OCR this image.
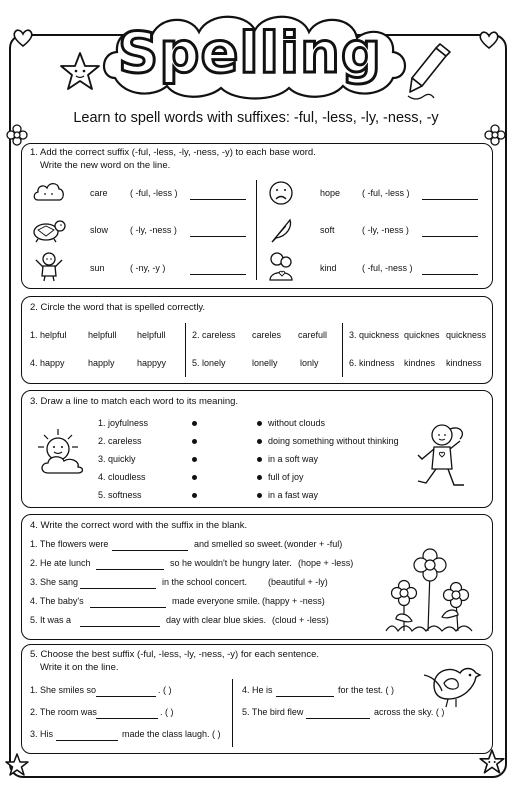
Spelling
Learn to spell words with suffixes: -ful, -less, -ly, -ness, -y
1. Add the correct suffix (-ful, -less, -ly, -ness, -y) to each base word.
Write the new word on the line.
care ( -ful, -less )
slow ( -ly, -ness )
sun	( -ny, -y )
hope ( -ful, -less )
soft	( -ly, -ness )
kind	( -ful, -ness )
2. Circle the word that is spelled correctly.
1. helpful helpfull helpfull	2. careless careles carefull 3. quickness quicknes quickness
4. happy	happly happyy	5. lonely	lonelly lonly	6. kindness kindnes kindness
3. Draw a line to match each word to its meaning.
1. joyfulness
2. careless
3. quickly
4. cloudless
5. softness
without clouds
doing something without thinking
in a soft way
full of joy
in a fast way
4. Write the correct word with the suffix in the blank.
1. The flowers were	and smelled so sweet. (wonder + -ful)
2. He ate lunch	so he wouldn't be hungry later. (hope + -less)
3. She sang	in the school concert. (beautiful + -ly)
4. The baby's	made everyone smile. (happy + -ness)
5. It was a	day with clear blue skies. (cloud + -less)
5. Choose the best suffix (-ful, -less, -ly, -ness, -y) for each sentence.
Write it on the line.
1. She smiles so	. ( )
2. The room was	. ( )
3. His	made the class laugh. ( )
4. He is	for the test. ( )
5. The bird flew	across the sky. ( )
